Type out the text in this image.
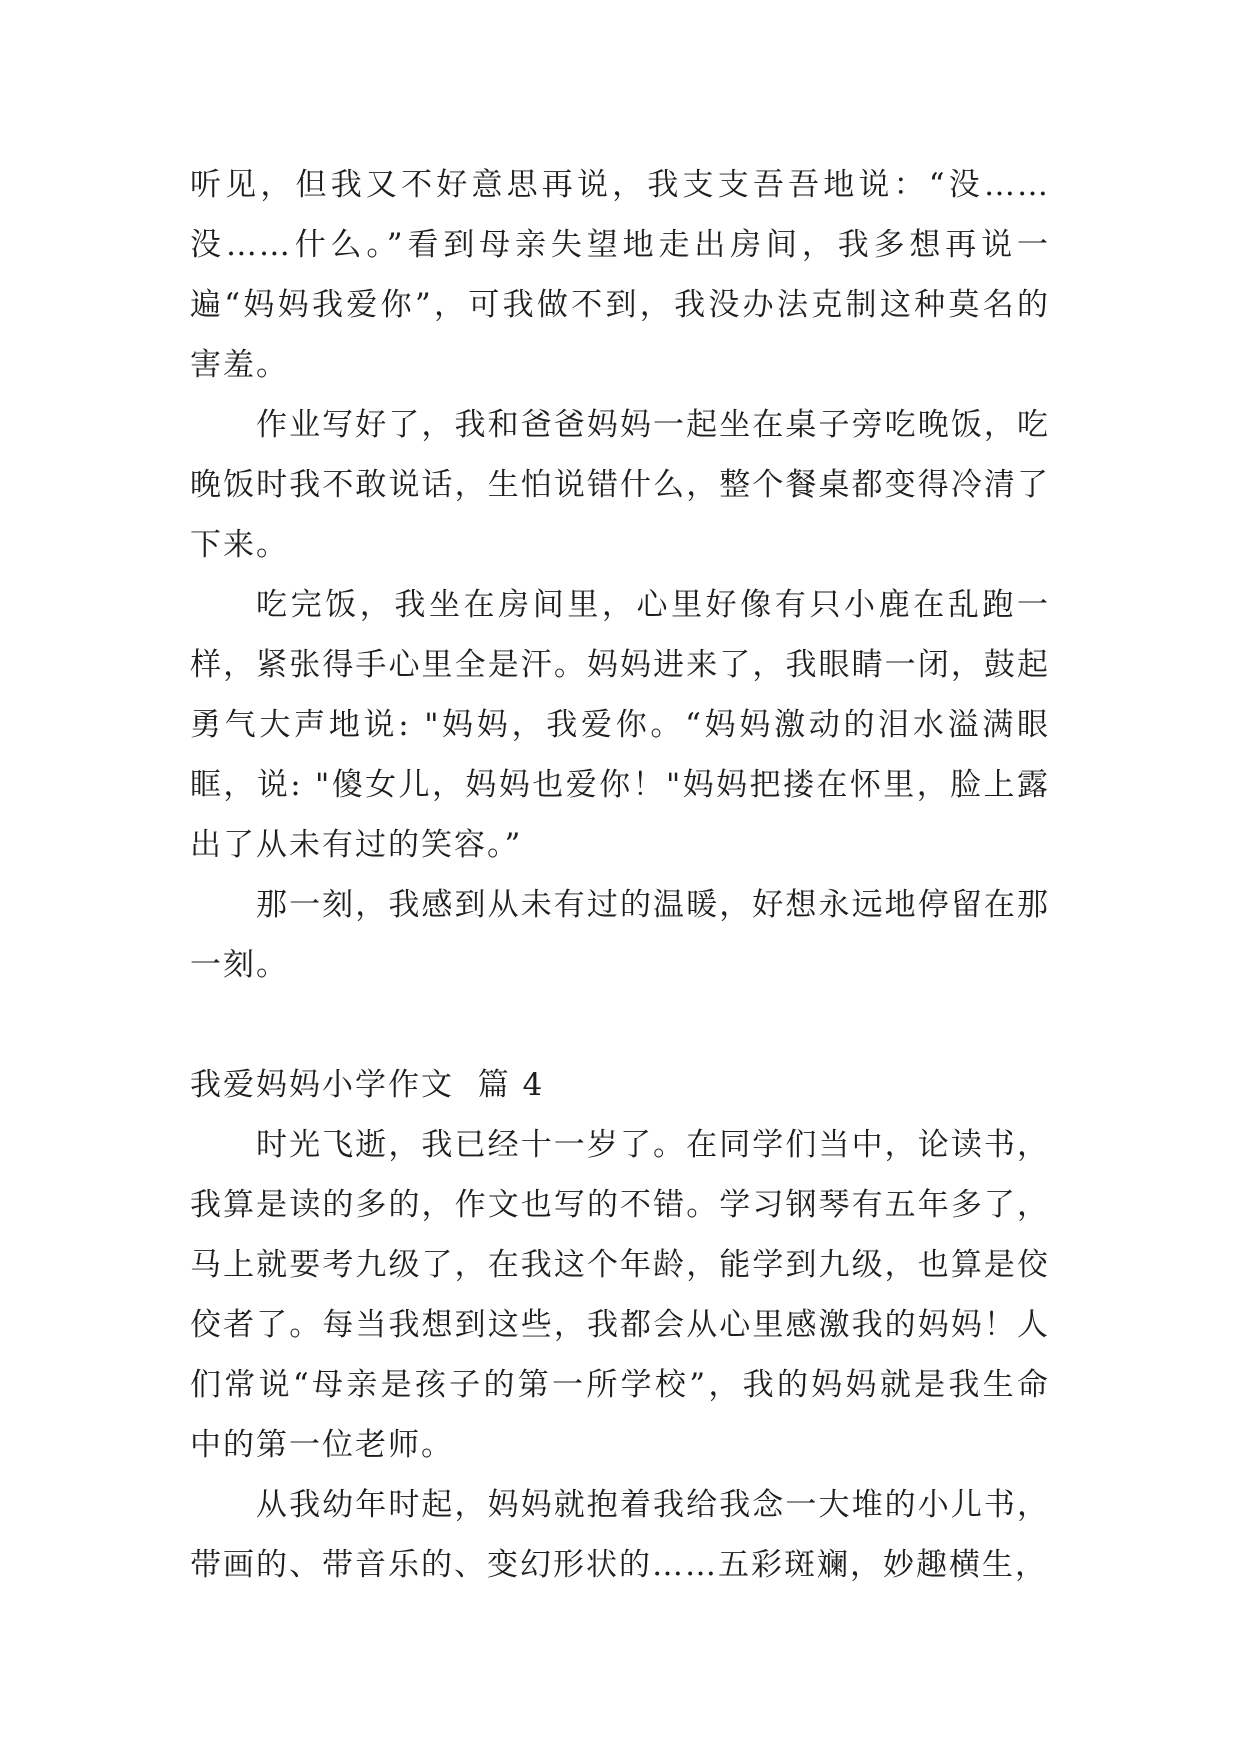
听见，但我又不好意思再说，我支支吾吾地说：“没……没……什么。”看到母亲失望地走出房间，我多想再说一遍“妈妈我爱你”，可我做不到，我没办法克制这种莫名的害羞。

作业写好了，我和爸爸妈妈一起坐在桌子旁吃晚饭，吃晚饭时我不敢说话，生怕说错什么，整个餐桌都变得冷清了下来。

吃完饭，我坐在房间里，心里好像有只小鹿在乱跑一样，紧张得手心里全是汗。妈妈进来了，我眼睛一闭，鼓起勇气大声地说: "妈妈，我爱你。“妈妈激动的泪水溢满眼眶，说: "傻女儿，妈妈也爱你！"妈妈把搂在怀里，脸上露出了从未有过的笑容。”

那一刻，我感到从未有过的温暖，好想永远地停留在那一刻。

我爱妈妈小学作文  篇 4

时光飞逝，我已经十一岁了。在同学们当中，论读书，我算是读的多的，作文也写的不错。学习钢琴有五年多了，马上就要考九级了，在我这个年龄，能学到九级，也算是佼佼者了。每当我想到这些，我都会从心里感激我的妈妈！人们常说“母亲是孩子的第一所学校”，我的妈妈就是我生命中的第一位老师。

从我幼年时起，妈妈就抱着我给我念一大堆的小儿书，带画的、带音乐的、变幻形状的……五彩斑斓，妙趣横生，
